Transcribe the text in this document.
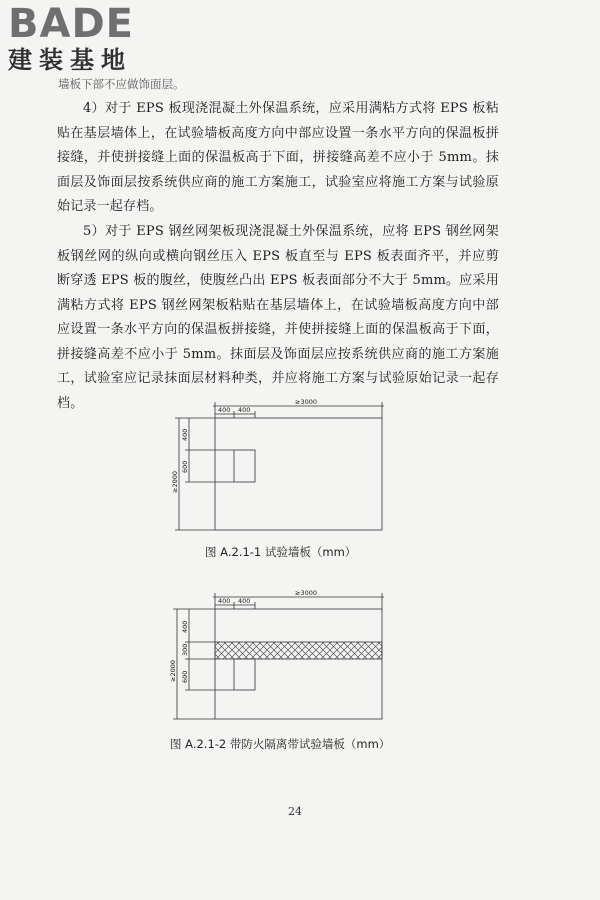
BADE
建装基地
墙板下部不应做饰面层。

4）对于 EPS 板现浇混凝土外保温系统，应采用满粘方式将 EPS 板粘贴在基层墙体上，在试验墙板高度方向中部应设置一条水平方向的保温板拼接缝，并使拼接缝上面的保温板高于下面，拼接缝高差不应小于 5mm。抹面层及饰面层按系统供应商的施工方案施工，试验室应将施工方案与试验原始记录一起存档。

5）对于 EPS 钢丝网架板现浇混凝土外保温系统，应将 EPS 钢丝网架板钢丝网的纵向或横向钢丝压入 EPS 板直至与 EPS 板表面齐平，并应剪断穿透 EPS 板的腹丝，使腹丝凸出 EPS 板表面部分不大于 5mm。应采用满粘方式将 EPS 钢丝网架板粘贴在基层墙体上，在试验墙板高度方向中部应设置一条水平方向的保温板拼接缝，并使拼接缝上面的保温板高于下面，拼接缝高差不应小于 5mm。抹面层及饰面层应按系统供应商的施工方案施工，试验室应记录抹面层材料种类，并应将施工方案与试验原始记录一起存档。	≥3000
400 400
≥2000
400
600
图 A.2.1-1 试验墙板（mm）
≥3000
400 400
≥2000
400
300
600
图 A.2.1-2 带防火隔离带试验墙板（mm）
24
